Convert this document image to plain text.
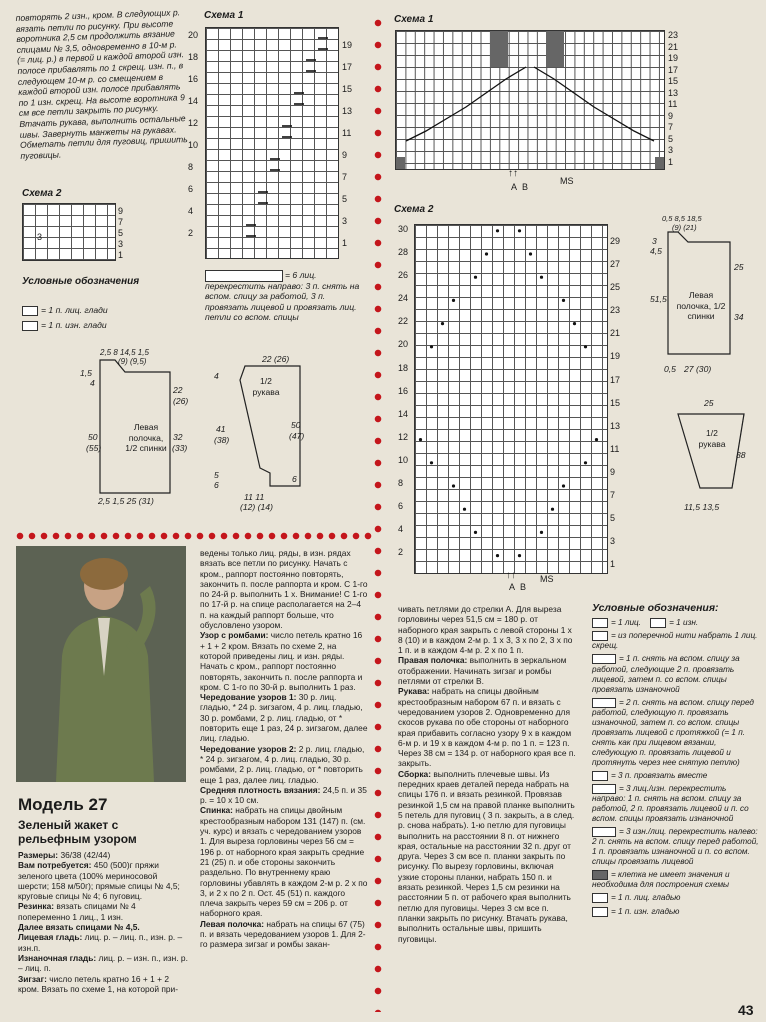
повторять 2 изн., кром. В следующих р. вязать петли по рисунку. При высоте воротника 2,5 см продолжить вязание спицами № 3,5, одновременно в 10-м р. (= лиц. р.) в первой и каждой второй изн. полосе прибавлять по 1 скрещ. изн. п., в следующем 10-м р. со смещением в каждой второй изн. полосе прибавлять по 1 изн. скрещ. На высоте воротника 9 см все петли закрыть по рисунку. Втачать рукава, выполнить остальные швы. Завернуть манжеты на рукавах. Обметать петли для пуговиц, пришить пуговицы.
Схема 1
20
18
16
14
12
10
8
6
4
2
19
17
15
13
11
9
7
5
3
1
Схема 2
3
9
7
5
3
1
Условные обозначения
= 1 п. лиц. глади
= 1 п. изн. глади
= 6 лиц. перекрестить направо: 3 п. снять на вспом. спицу за работой, 3 п. провязать лицевой и провязать лиц. петли со вспом. спицы
2,5 8 14,5 1,5
(9) (9,5)
1,5
4
22
(26)
50
(55)
32
(33)
2,5 1,5 25 (31)
Левая полочка, 1/2 спинки
22 (26)
4
41
(38)
50
(47)
5
6
6
11 11
(12) (14)
1/2 рукава
Модель 27
Зеленый жакет с рельефным узором
Размеры: 36/38 (42/44)
Вам потребуется: 450 (500)г пряжи зеленого цвета (100% мериносовой шерсти; 158 м/50г); прямые спицы № 4,5; круговые спицы № 4; 6 пуговиц.
Резинка: вязать спицами № 4 попеременно 1 лиц., 1 изн.
Далее вязать спицами № 4,5.
Лицевая гладь: лиц. р. – лиц. п., изн. р. – изн.п.
Изнаночная гладь: лиц. р. – изн. п., изн. р. – лиц. п.
Зигзаг: число петель кратно 16 + 1 + 2 кром. Вязать по схеме 1, на которой при-
ведены только лиц. ряды, в изн. рядах вязать все петли по рисунку. Начать с кром., раппорт постоянно повторять, закончить п. после раппорта и кром. С 1-го по 24-й р. выполнить 1 х. Внимание! С 1-го по 17-й р. на спице располагается на 2–4 п. на каждый раппорт больше, что обусловлено узором.
Узор с ромбами: число петель кратно 16 + 1 + 2 кром. Вязать по схеме 2, на которой приведены лиц. и изн. ряды. Начать с кром., раппорт постоянно повторять, закончить п. после раппорта и кром. С 1-го по 30-й р. выполнить 1 раз.
Чередование узоров 1: 30 р. лиц. гладью, * 24 р. зигзагом, 4 р. лиц. гладью, 30 р. ромбами, 2 р. лиц. гладью, от * повторить еще 1 раз, 24 р. зигзагом, далее лиц. гладью.
Чередование узоров 2: 2 р. лиц. гладью, * 24 р. зигзагом, 4 р. лиц. гладью, 30 р. ромбами, 2 р. лиц. гладью, от * повторить еще 1 раз, далее лиц. гладью.
Средняя плотность вязания: 24,5 п. и 35 р. = 10 х 10 см.
Спинка: набрать на спицы двойным крестообразным набором 131 (147) п. (см. уч. курс) и вязать с чередованием узоров 1. Для выреза горловины через 56 см = 196 р. от наборного края закрыть средние 21 (25) п. и обе стороны закончить раздельно. По внутреннему краю горловины убавлять в каждом 2-м р. 2 х по 3, и 2 х по 2 п. Ост. 45 (51) п. каждого плеча закрыть через 59 см = 206 р. от наборного края.
Левая полочка: набрать на спицы 67 (75) п. и вязать чередованием узоров 1. Для 2-го размера зигзаг и ромбы закан-
чивать петлями до стрелки А. Для выреза горловины через 51,5 см = 180 р. от наборного края закрыть с левой стороны 1 х 8 (10) и в каждом 2-м р. 1 х 3, 3 х по 2, 3 х по 1 п. и в каждом 4-м р. 2 х по 1 п.
Правая полочка: выполнить в зеркальном отображении. Начинать зигзаг и ромбы петлями от стрелки В.
Рукава: набрать на спицы двойным крестообразным набором 67 п. и вязать с чередованием узоров 2. Одновременно для скосов рукава по обе стороны от наборного края прибавить согласно узору 9 х в каждом 6-м р. и 19 х в каждом 4-м р. по 1 п. = 123 п. Через 38 см = 134 р. от наборного края все п. закрыть.
Сборка: выполнить плечевые швы. Из передних краев деталей переда набрать на спицы 176 п. и вязать резинкой. Провязав резинкой 1,5 см на правой планке выполнить 5 петель для пуговиц ( 3 п. закрыть, а в след. р. снова набрать). 1-ю петлю для пуговицы выполнить на расстоянии 8 п. от нижнего края, остальные на расстоянии 32 п. друг от друга. Через 3 см все п. планки закрыть по рисунку. По вырезу горловины, включая узкие стороны планки, набрать 150 п. и вязать резинкой. Через 1,5 см резинки на расстоянии 5 п. от рабочего края выполнить петлю для пуговицы. Через 3 см все п. планки закрыть по рисунку. Втачать рукава, выполнить остальные швы, пришить пуговицы.
Схема 1
23
21
19
17
15
13
11
9
7
5
3
1
↑↑
A B
MS
Схема 2
30
28
26
24
22
20
18
16
14
12
10
8
6
4
2
29
27
25
23
21
19
17
15
13
11
9
7
5
3
1
↑↑
A B
MS
0,5 8,5 18,5
(9) (21)
3
4,5
51,5
25
34
0,5 27 (30)
Левая полочка, 1/2 спинки
25
38
11,5 13,5
1/2 рукава
Условные обозначения:
= 1 лиц.	= 1 изн.
= из поперечной нити набрать 1 лиц. скрещ.
= 1 п. снять на вспом. спицу за работой, следующие 2 п. провязать лицевой, затем п. со вспом. спицы провязать изнаночной
= 2 п. снять на вспом. спицу перед работой, следующую п. провязать изнаночной, затем п. со вспом. спицы провязать лицевой с протяжкой (= 1 п. снять как при лицевом вязании, следующую п. провязать лицевой и протянуть через нее снятую петлю)
= 3 п. провязать вместе
= 3 лиц./изн. перекрестить направо: 1 п. снять на вспом. спицу за работой, 2 п. провязать лицевой и п. со вспом. спицы провязать изнаночной
= 3 изн./лиц. перекрестить налево: 2 п. снять на вспом. спицу перед работой, 1 п. провязать изнаночной и п. со вспом. спицы провязать лицевой
= клетка не имеет значения и необходима для построения схемы
= 1 п. лиц. гладью
= 1 п. изн. гладью
43
